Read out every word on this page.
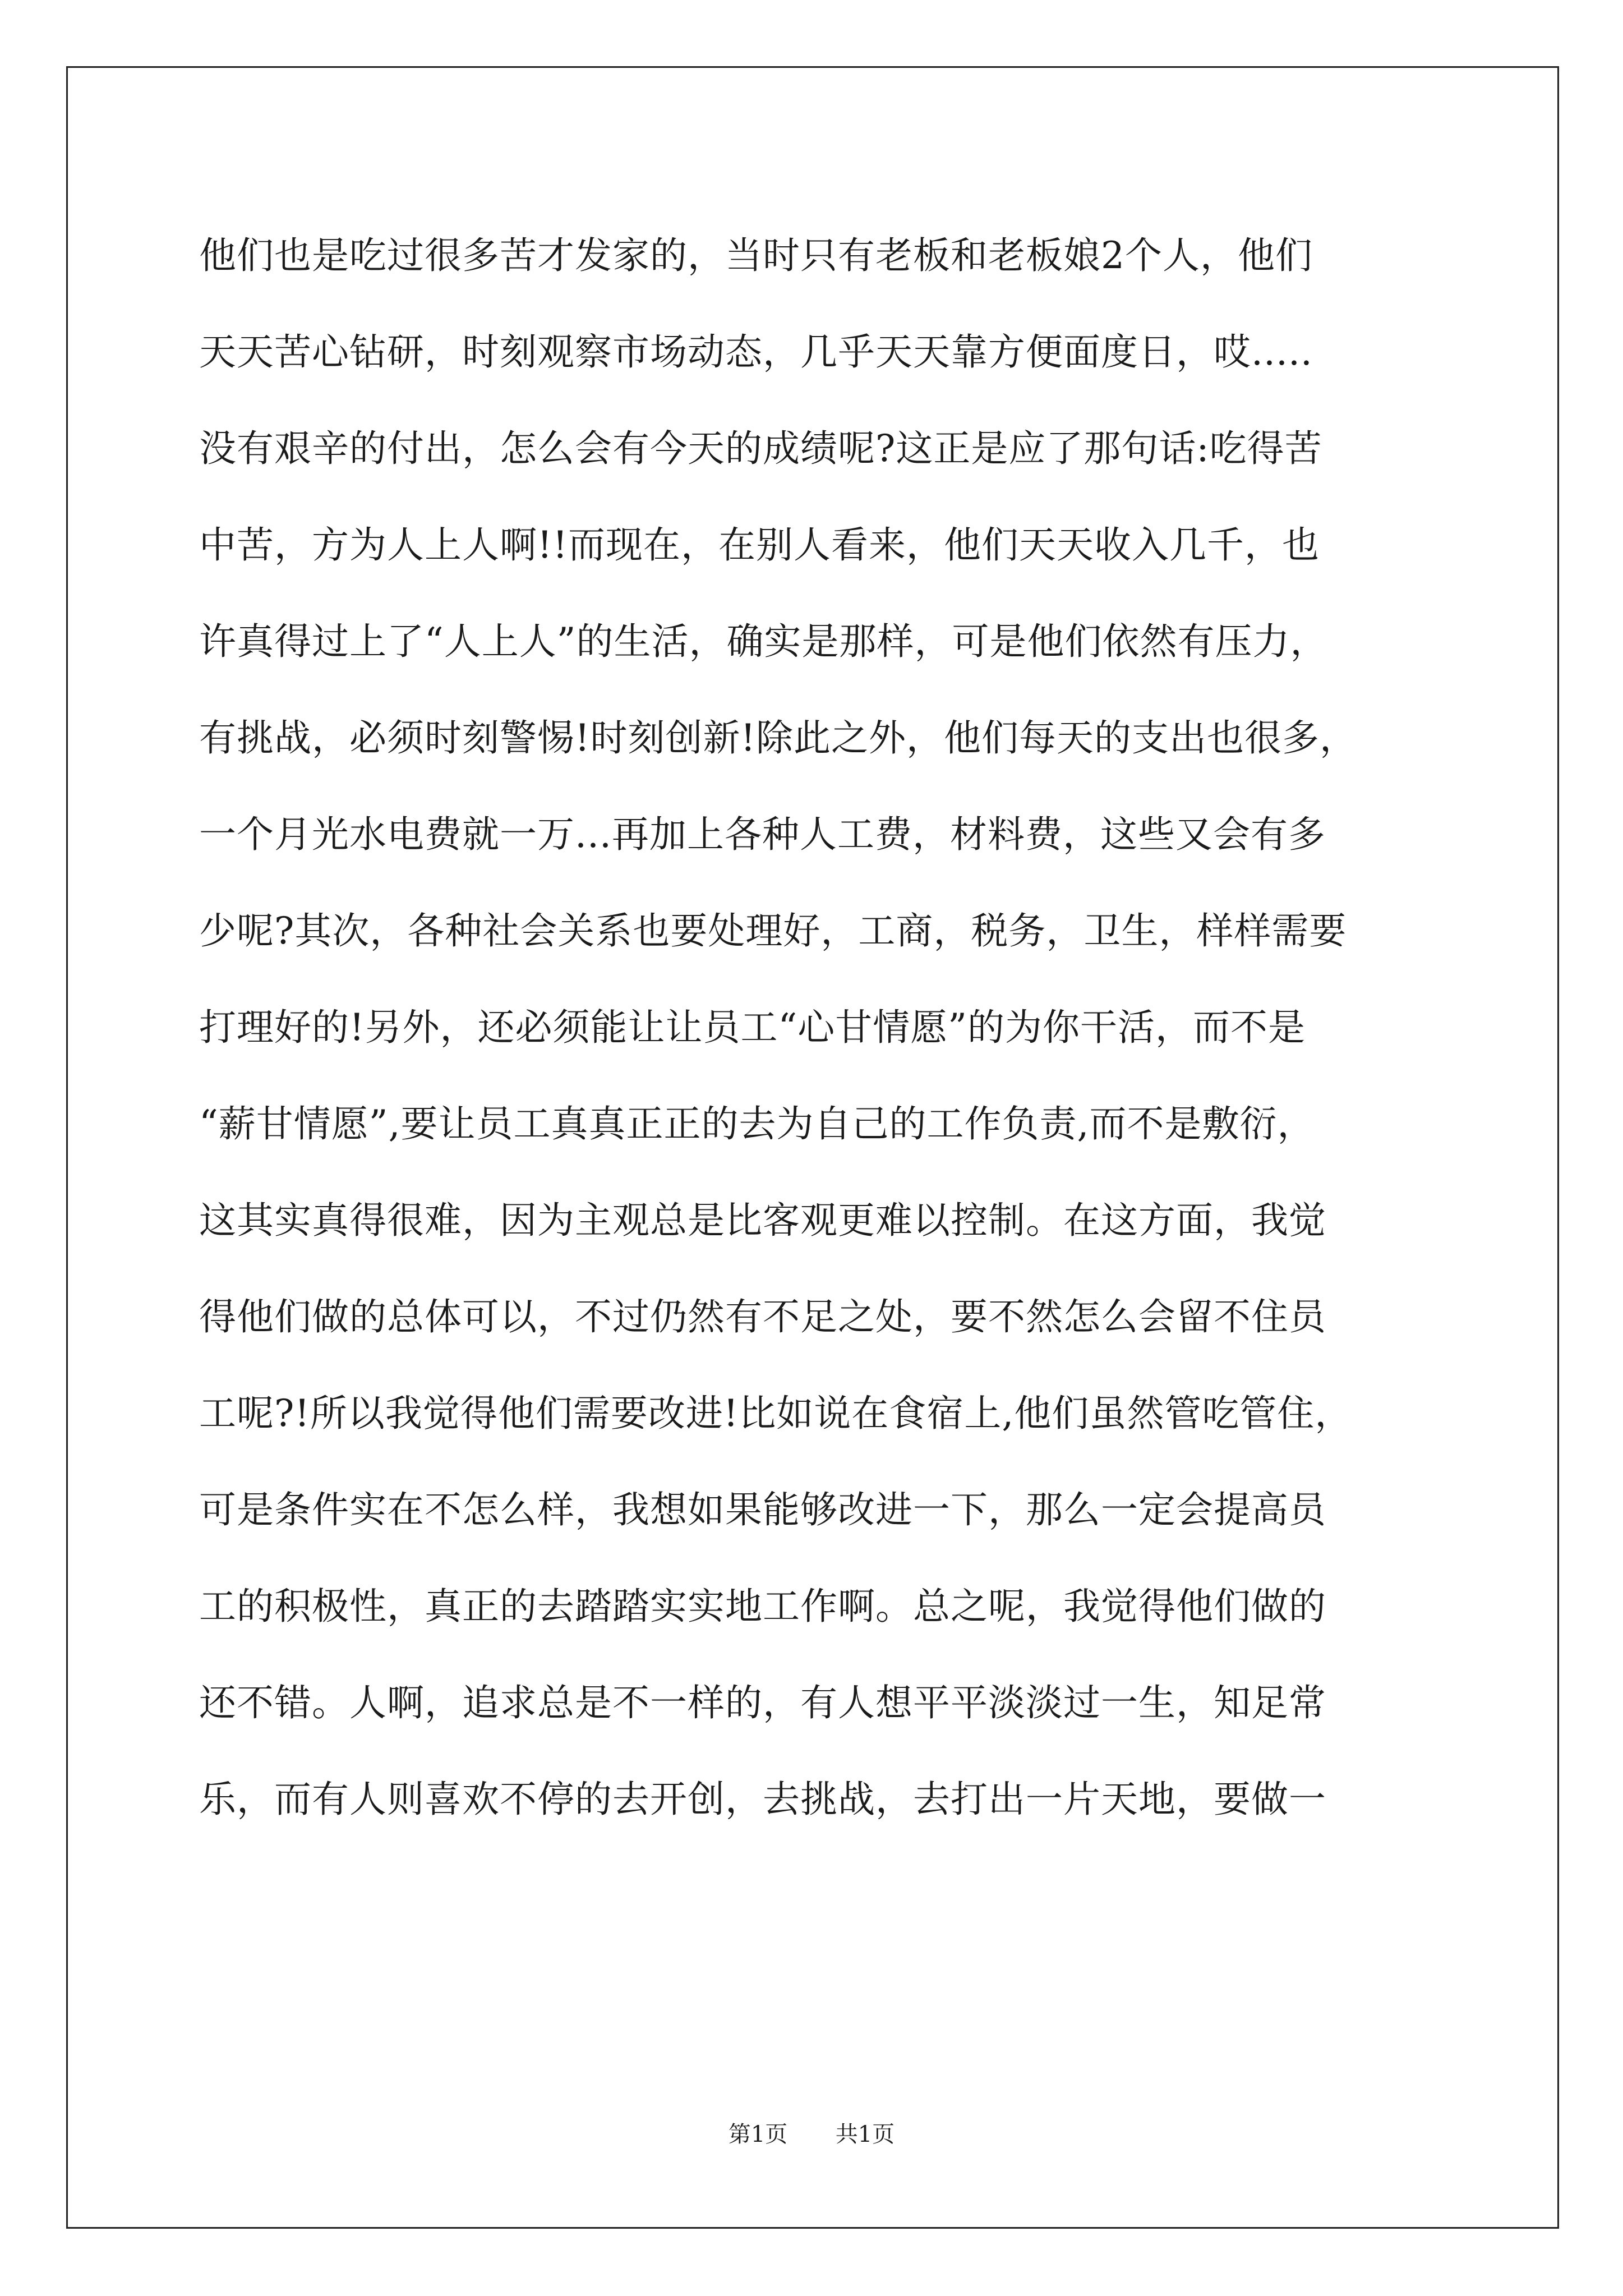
他们也是吃过很多苦才发家的，当时只有老板和老板娘2个人，他们
天天苦心钻研，时刻观察市场动态，几乎天天靠方便面度日，哎.....
没有艰辛的付出，怎么会有今天的成绩呢?这正是应了那句话:吃得苦
中苦，方为人上人啊!!而现在，在别人看来，他们天天收入几千，也
许真得过上了“人上人”的生活，确实是那样，可是他们依然有压力，
有挑战，必须时刻警惕!时刻创新!除此之外，他们每天的支出也很多，
一个月光水电费就一万...再加上各种人工费，材料费，这些又会有多
少呢?其次，各种社会关系也要处理好，工商，税务，卫生，样样需要
打理好的!另外，还必须能让让员工“心甘情愿”的为你干活，而不是
“薪甘情愿”,要让员工真真正正的去为自己的工作负责,而不是敷衍，
这其实真得很难，因为主观总是比客观更难以控制。在这方面，我觉
得他们做的总体可以，不过仍然有不足之处，要不然怎么会留不住员
工呢?!所以我觉得他们需要改进!比如说在食宿上,他们虽然管吃管住，
可是条件实在不怎么样，我想如果能够改进一下，那么一定会提高员
工的积极性，真正的去踏踏实实地工作啊。总之呢，我觉得他们做的
还不错。人啊，追求总是不一样的，有人想平平淡淡过一生，知足常
乐，而有人则喜欢不停的去开创，去挑战，去打出一片天地，要做一
第1页 共1页
